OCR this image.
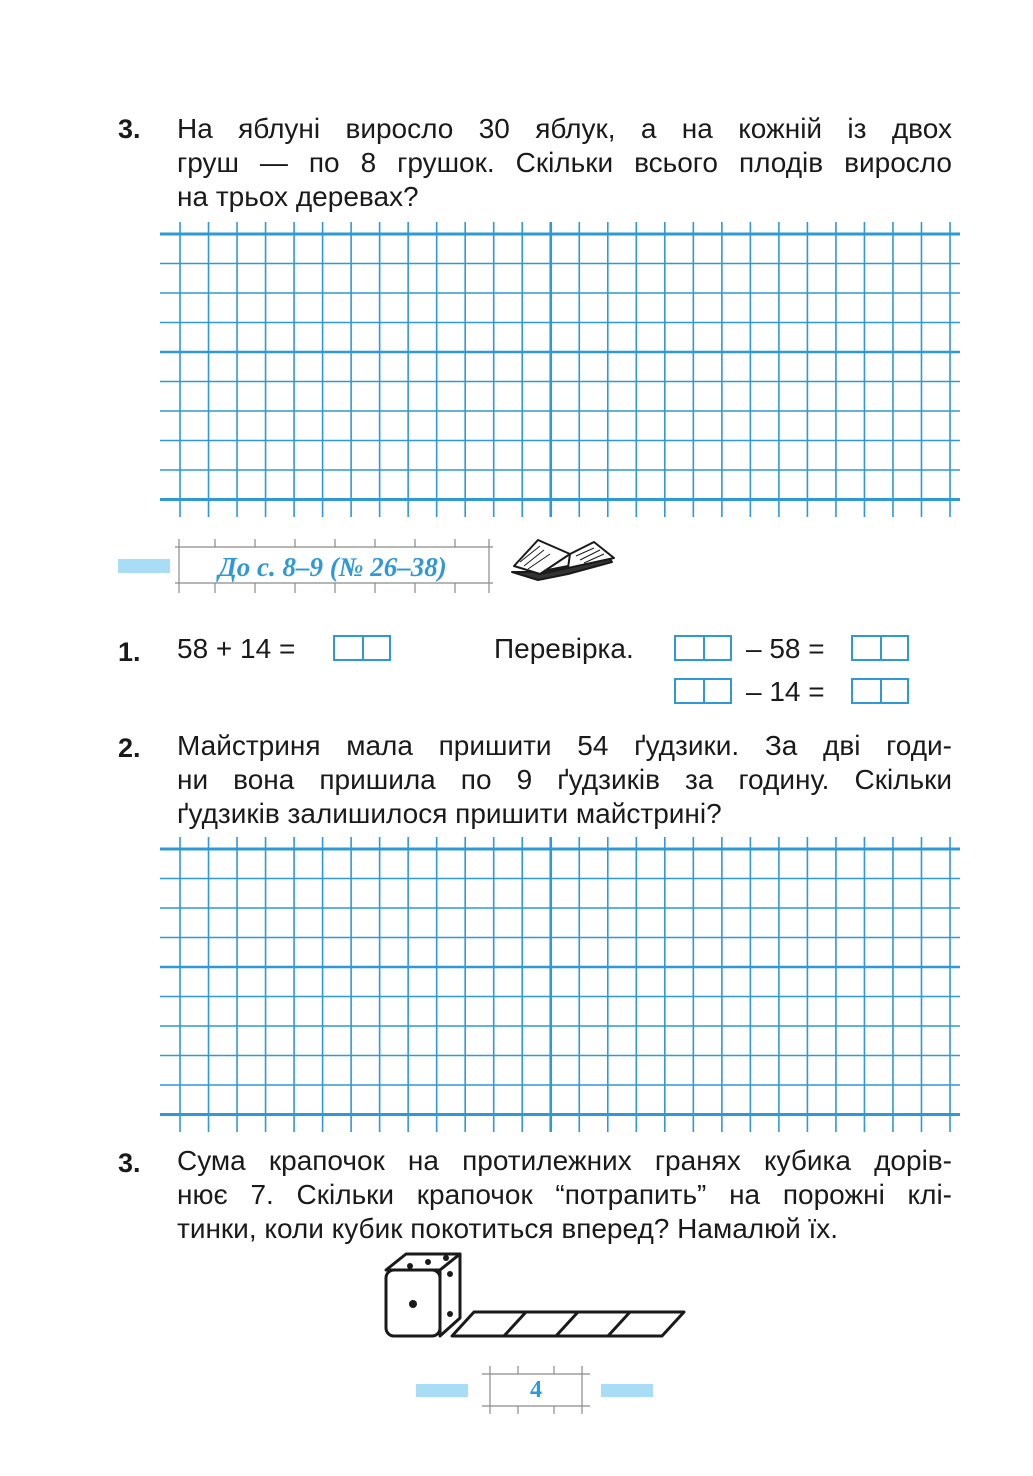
3. На яблуні виросло 30 яблук, а на кожній із двох
груш — по 8 грушок. Скільки всього плодів виросло
на трьох деревах?
До с. 8–9 (№ 26–38)
1. 58 + 14 =	Перевірка.	– 58 =
– 14 =
2. Майстриня мала пришити 54 ґудзики. За дві годи-
ни вона пришила по 9 ґудзиків за годину. Скільки
ґудзиків залишилося пришити майстрині?
3. Сума крапочок на протилежних гранях кубика дорів-
нює 7. Скільки крапочок “потрапить” на порожні клі-
тинки, коли кубик покотиться вперед? Намалюй їх.
4
